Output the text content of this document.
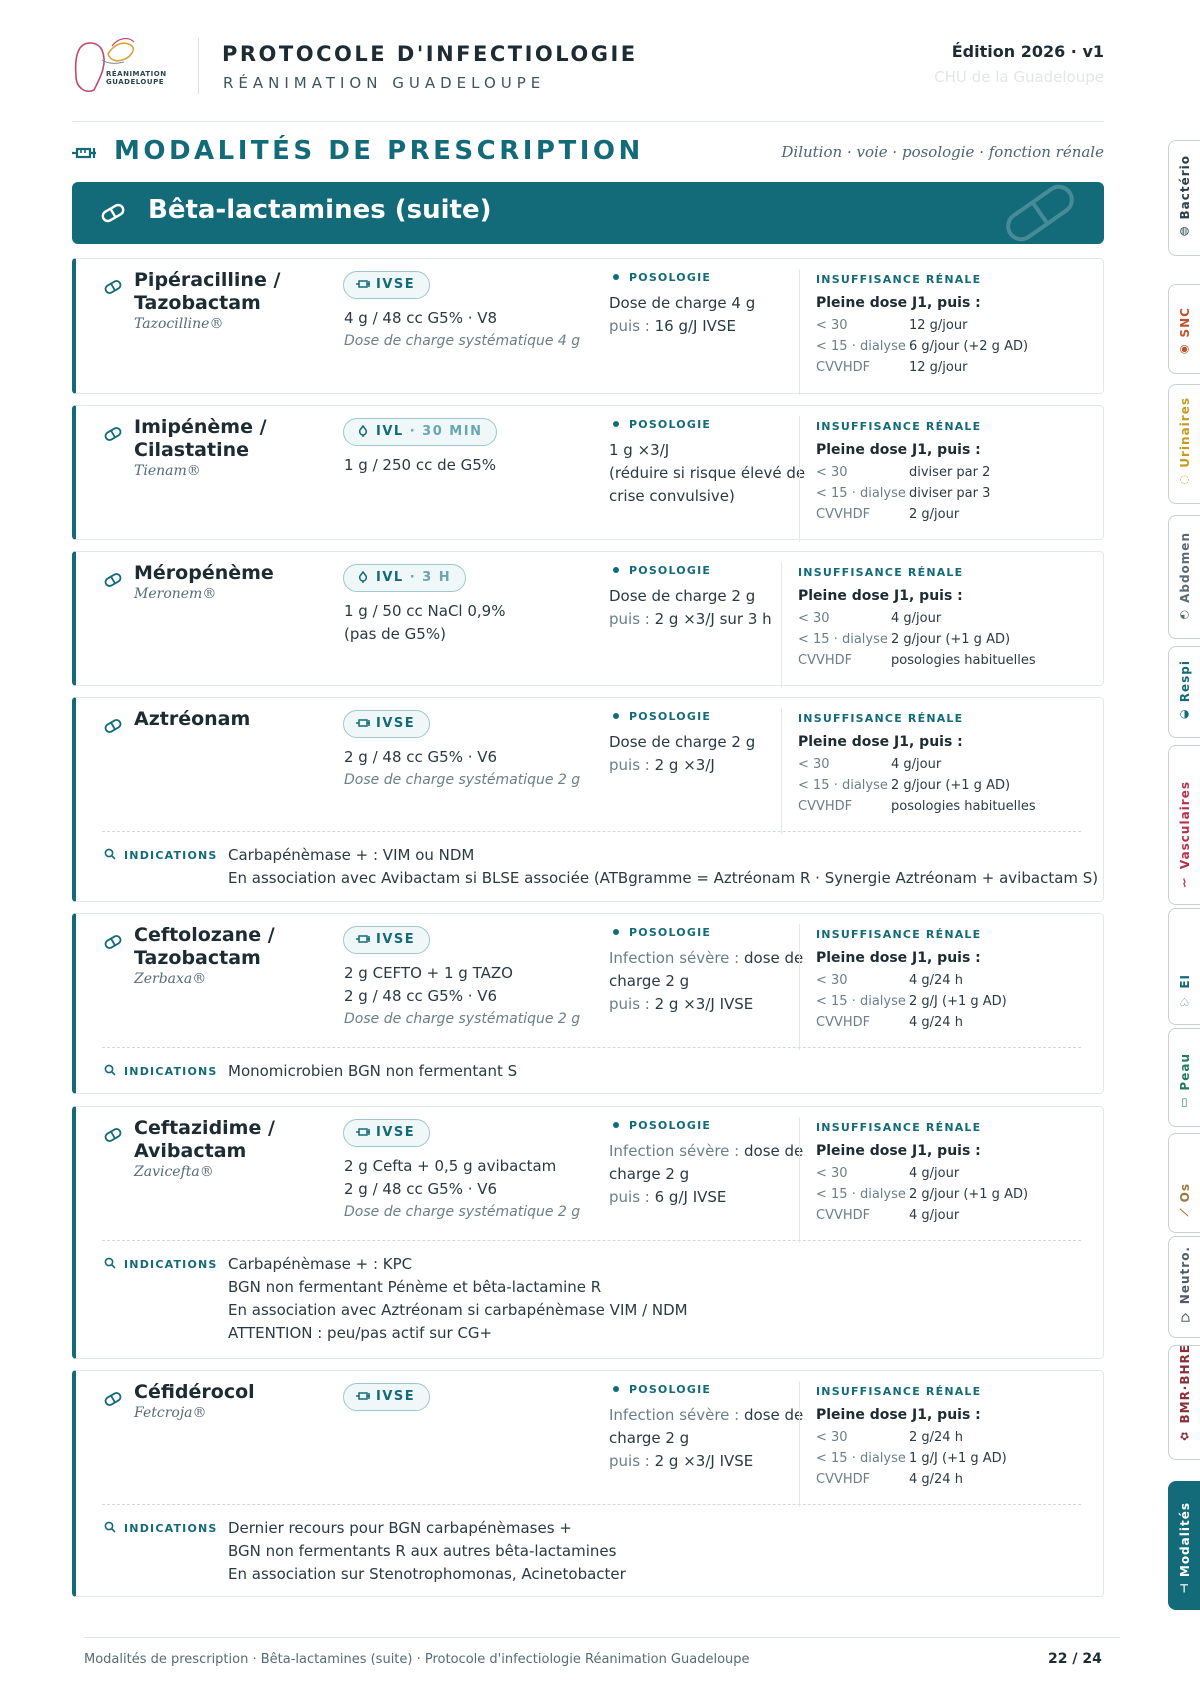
RÉANIMATION
GUADELOUPE
PROTOCOLE D'INFECTIOLOGIE
RÉANIMATION GUADELOUPE
Édition 2026 · v1
CHU de la Guadeloupe
MODALITÉS DE PRESCRIPTION	Dilution · voie · posologie · fonction rénale
Bêta-lactamines (suite)
Pipéracilline /
Tazobactam
Tazocilline®
IVSE
4 g / 48 cc G5% · V8
Dose de charge systématique 4 g
POSOLOGIE
Dose de charge 4 g
puis : 16 g/J IVSE
INSUFFISANCE RÉNALE
Pleine dose J1, puis :
< 30	12 g/jour
< 15 · dialyse 6 g/jour (+2 g AD)
CVVHDF	12 g/jour
Imipénème /
Cilastatine
Tienam®
IVL · 30 MIN
1 g / 250 cc de G5%
POSOLOGIE
1 g ×3/J
(réduire si risque élevé de
crise convulsive)
INSUFFISANCE RÉNALE
Pleine dose J1, puis :
< 30	diviser par 2
< 15 · dialyse diviser par 3
CVVHDF	2 g/jour
Méropénème
Meronem®
IVL · 3 H
1 g / 50 cc NaCl 0,9%
(pas de G5%)
POSOLOGIE
Dose de charge 2 g
puis : 2 g ×3/J sur 3 h
INSUFFISANCE RÉNALE
Pleine dose J1, puis :
< 30	4 g/jour
< 15 · dialyse 2 g/jour (+1 g AD)
CVVHDF	posologies habituelles
Aztréonam	IVSE
2 g / 48 cc G5% · V6
Dose de charge systématique 2 g
POSOLOGIE
Dose de charge 2 g
puis : 2 g ×3/J
INSUFFISANCE RÉNALE
Pleine dose J1, puis :
< 30	4 g/jour
< 15 · dialyse 2 g/jour (+1 g AD)
CVVHDF	posologies habituelles
INDICATIONS Carbapénèmase + : VIM ou NDM
En association avec Avibactam si BLSE associée (ATBgramme = Aztréonam R · Synergie Aztréonam + avibactam S)
Ceftolozane /
Tazobactam
Zerbaxa®
IVSE
2 g CEFTO + 1 g TAZO
2 g / 48 cc G5% · V6
Dose de charge systématique 2 g
POSOLOGIE
Infection sévère : dose de
charge 2 g
puis : 2 g ×3/J IVSE
INSUFFISANCE RÉNALE
Pleine dose J1, puis :
< 30	4 g/24 h
< 15 · dialyse 2 g/J (+1 g AD)
CVVHDF	4 g/24 h
INDICATIONS Monomicrobien BGN non fermentant S
Ceftazidime /
Avibactam
Zavicefta®
IVSE
2 g Cefta + 0,5 g avibactam
2 g / 48 cc G5% · V6
Dose de charge systématique 2 g
POSOLOGIE
Infection sévère : dose de
charge 2 g
puis : 6 g/J IVSE
INSUFFISANCE RÉNALE
Pleine dose J1, puis :
< 30	4 g/jour
< 15 · dialyse 2 g/jour (+1 g AD)
CVVHDF	4 g/jour
INDICATIONS Carbapénèmase + : KPC
BGN non fermentant Pénème et bêta-lactamine R
En association avec Aztréonam si carbapénèmase VIM / NDM
ATTENTION : peu/pas actif sur CG+
Céfidérocol
Fetcroja®
IVSE	POSOLOGIE
Infection sévère : dose de
charge 2 g
puis : 2 g ×3/J IVSE
INSUFFISANCE RÉNALE
Pleine dose J1, puis :
< 30	2 g/24 h
< 15 · dialyse 1 g/J (+1 g AD)
CVVHDF	4 g/24 h
INDICATIONS Dernier recours pour BGN carbapénèmases +
BGN non fermentants R aux autres bêta-lactamines
En association sur Stenotrophomonas, Acinetobacter
◍ Bactério
◉ SNC
◌ Urinaires
◔ Abdomen
◐ Respi
⌇ Vasculaires
♡ EI
▯ Peau
⟋ Os
⛉ Neutro.
✿ BMR·BHRE
⊣ Modalités
Modalités de prescription · Bêta-lactamines (suite) · Protocole d'infectiologie Réanimation Guadeloupe	22 / 24
